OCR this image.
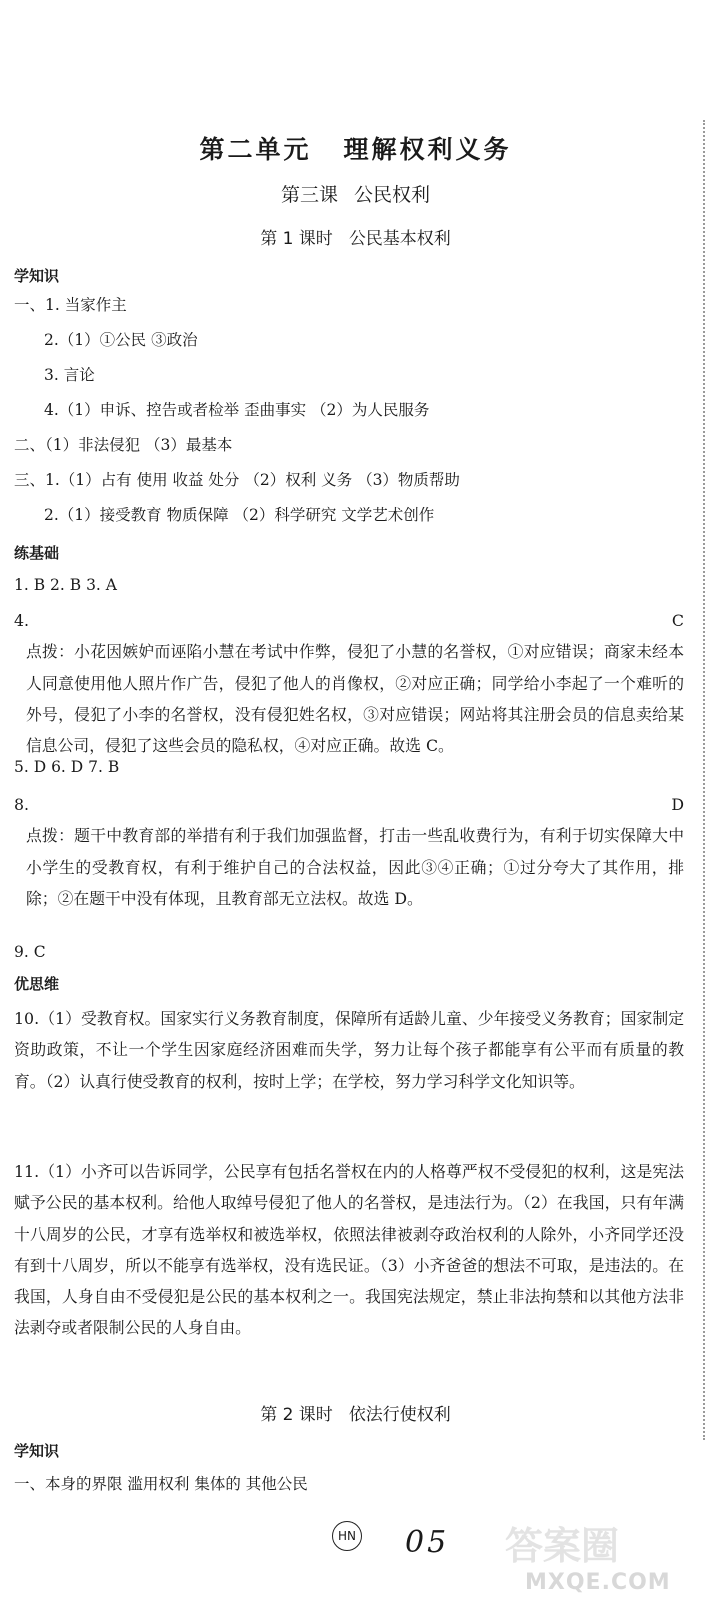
第二单元 理解权利义务
第三课 公民权利
第 1 课时 公民基本权利
学知识
一、1. 当家作主
2.（1）①公民 ③政治
3. 言论
4.（1）申诉、控告或者检举 歪曲事实 （2）为人民服务
二、（1）非法侵犯 （3）最基本
三、1.（1）占有 使用 收益 处分 （2）权利 义务 （3）物质帮助
2.（1）接受教育 物质保障 （2）科学研究 文学艺术创作
练基础
1. B 2. B 3. A
4. C点拨：小花因嫉妒而诬陷小慧在考试中作弊，侵犯了小慧的名誉权，①对应错误；商家未经本人同意使用他人照片作广告，侵犯了他人的肖像权，②对应正确；同学给小李起了一个难听的外号，侵犯了小李的名誉权，没有侵犯姓名权，③对应错误；网站将其注册会员的信息卖给某信息公司，侵犯了这些会员的隐私权，④对应正确。故选 C。
5. D 6. D 7. B
8. D点拨：题干中教育部的举措有利于我们加强监督，打击一些乱收费行为，有利于切实保障大中小学生的受教育权，有利于维护自己的合法权益，因此③④正确；①过分夸大了其作用，排除；②在题干中没有体现，且教育部无立法权。故选 D。
9. C
优思维
10.（1）受教育权。国家实行义务教育制度，保障所有适龄儿童、少年接受义务教育；国家制定资助政策，不让一个学生因家庭经济困难而失学，努力让每个孩子都能享有公平而有质量的教育。（2）认真行使受教育的权利，按时上学；在学校，努力学习科学文化知识等。
11.（1）小齐可以告诉同学，公民享有包括名誉权在内的人格尊严权不受侵犯的权利，这是宪法赋予公民的基本权利。给他人取绰号侵犯了他人的名誉权，是违法行为。（2）在我国，只有年满十八周岁的公民，才享有选举权和被选举权，依照法律被剥夺政治权利的人除外，小齐同学还没有到十八周岁，所以不能享有选举权，没有选民证。（3）小齐爸爸的想法不可取，是违法的。在我国，人身自由不受侵犯是公民的基本权利之一。我国宪法规定，禁止非法拘禁和以其他方法非法剥夺或者限制公民的人身自由。
第 2 课时 依法行使权利
学知识
一、本身的界限 滥用权利 集体的 其他公民
答案圈
MXQE.COM
HN 05
